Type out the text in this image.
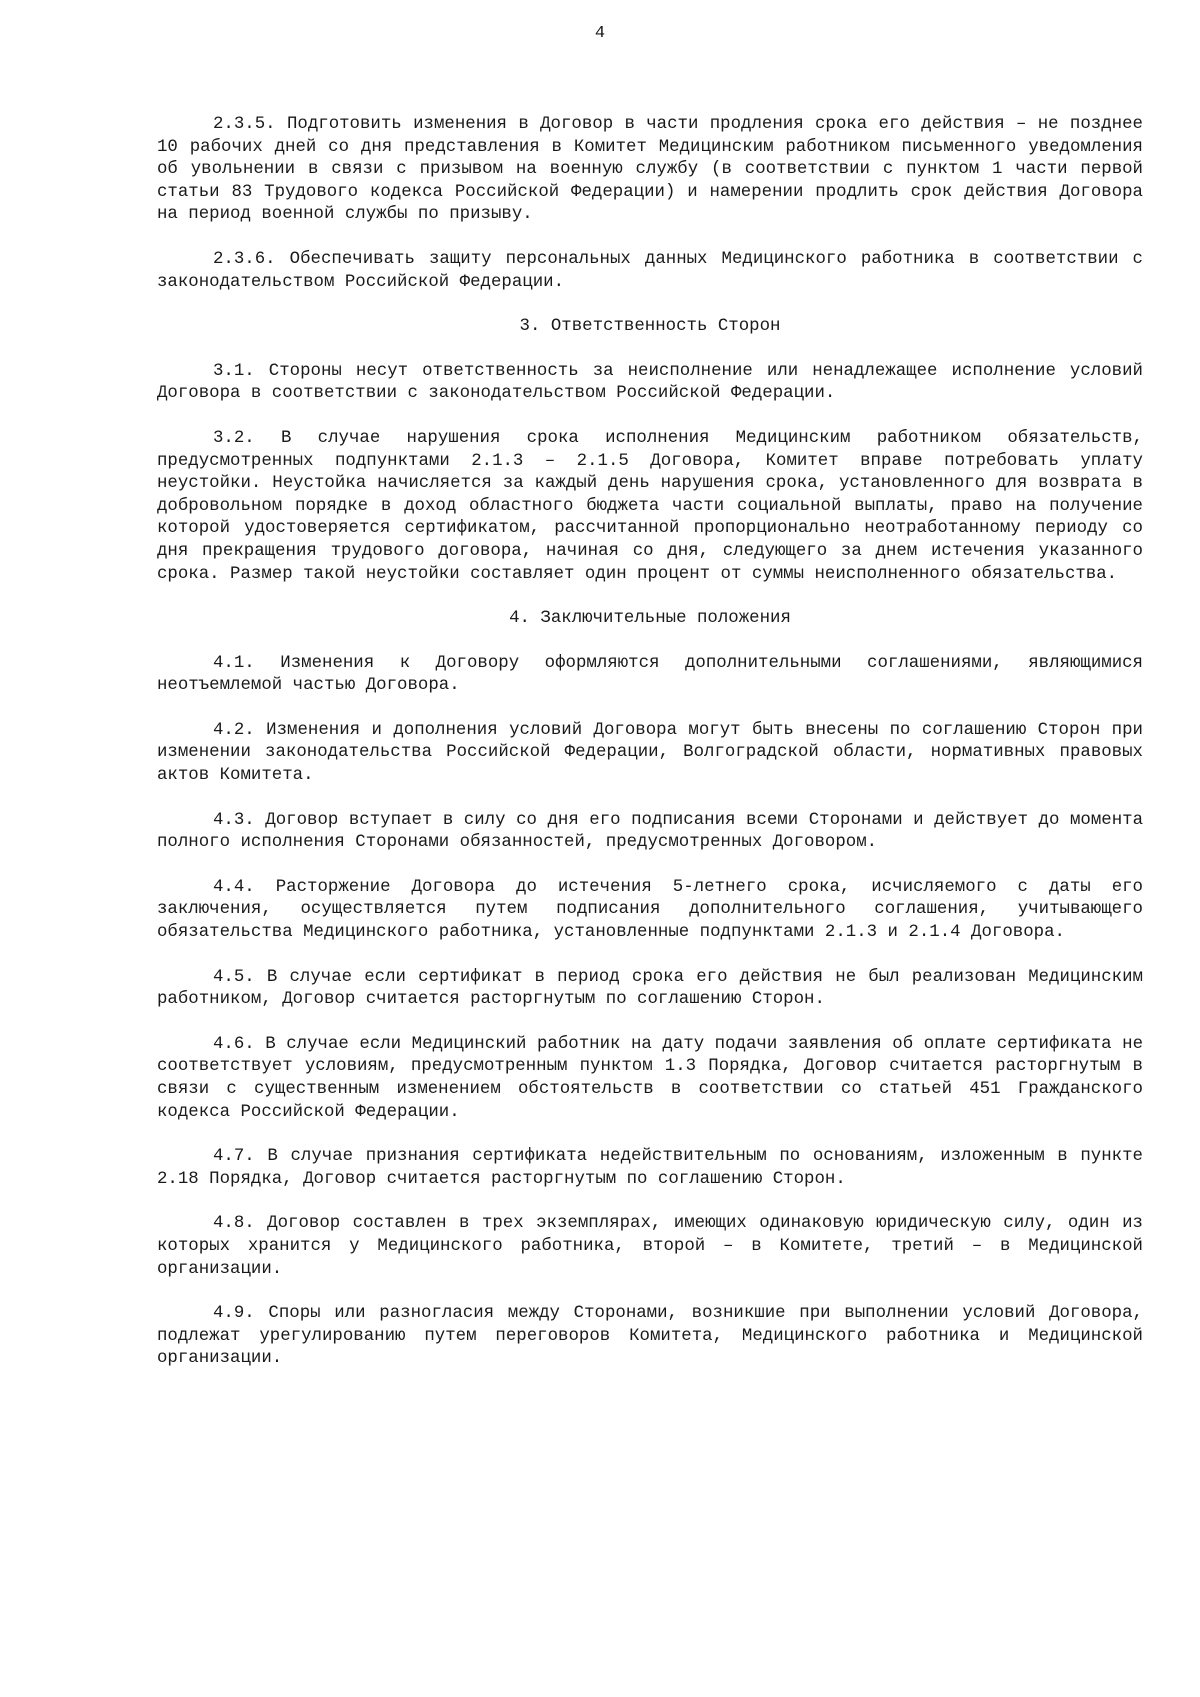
4

2.3.5. Подготовить изменения в Договор в части продления срока его действия – не позднее 10 рабочих дней со дня представления в Комитет Медицинским работником письменного уведомления об увольнении в связи с призывом на военную службу (в соответствии с пунктом 1 части первой статьи 83 Трудового кодекса Российской Федерации) и намерении продлить срок действия Договора на период военной службы по призыву.

2.3.6. Обеспечивать защиту персональных данных Медицинского работника в соответствии с законодательством Российской Федерации.

3. Ответственность Сторон

3.1. Стороны несут ответственность за неисполнение или ненадлежащее исполнение условий Договора в соответствии с законодательством Российской Федерации.

3.2. В случае нарушения срока исполнения Медицинским работником обязательств, предусмотренных подпунктами 2.1.3 – 2.1.5 Договора, Комитет вправе потребовать уплату неустойки. Неустойка начисляется за каждый день нарушения срока, установленного для возврата в добровольном порядке в доход областного бюджета части социальной выплаты, право на получение которой удостоверяется сертификатом, рассчитанной пропорционально неотработанному периоду со дня прекращения трудового договора, начиная со дня, следующего за днем истечения указанного срока. Размер такой неустойки составляет один процент от суммы неисполненного обязательства.

4. Заключительные положения

4.1. Изменения к Договору оформляются дополнительными соглашениями, являющимися неотъемлемой частью Договора.

4.2. Изменения и дополнения условий Договора могут быть внесены по соглашению Сторон при изменении законодательства Российской Федерации, Волгоградской области, нормативных правовых актов Комитета.

4.3. Договор вступает в силу со дня его подписания всеми Сторонами и действует до момента полного исполнения Сторонами обязанностей, предусмотренных Договором.

4.4. Расторжение Договора до истечения 5-летнего срока, исчисляемого с даты его заключения, осуществляется путем подписания дополнительного соглашения, учитывающего обязательства Медицинского работника, установленные подпунктами 2.1.3 и 2.1.4 Договора.

4.5. В случае если сертификат в период срока его действия не был реализован Медицинским работником, Договор считается расторгнутым по соглашению Сторон.

4.6. В случае если Медицинский работник на дату подачи заявления об оплате сертификата не соответствует условиям, предусмотренным пунктом 1.3 Порядка, Договор считается расторгнутым в связи с существенным изменением обстоятельств в соответствии со статьей 451 Гражданского кодекса Российской Федерации.

4.7. В случае признания сертификата недействительным по основаниям, изложенным в пункте 2.18 Порядка, Договор считается расторгнутым по соглашению Сторон.

4.8. Договор составлен в трех экземплярах, имеющих одинаковую юридическую силу, один из которых хранится у Медицинского работника, второй – в Комитете, третий – в Медицинской организации.

4.9. Споры или разногласия между Сторонами, возникшие при выполнении условий Договора, подлежат урегулированию путем переговоров Комитета, Медицинского работника и Медицинской организации.
